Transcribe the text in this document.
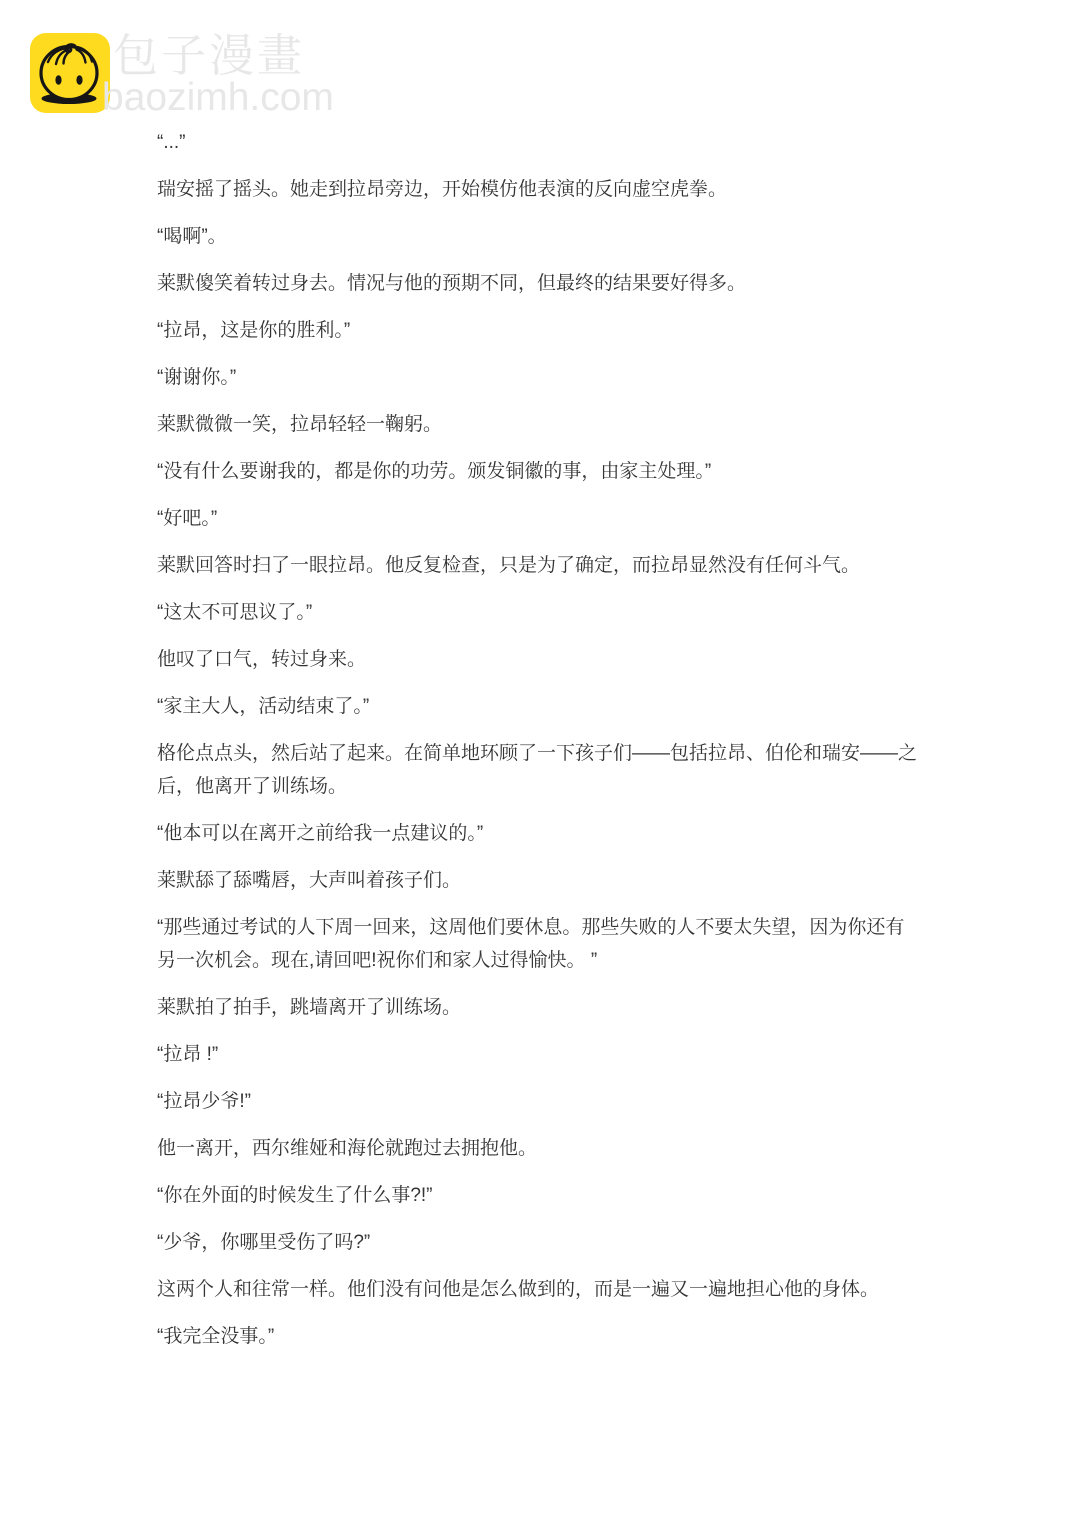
包子漫畫
baozimh.com

“...”

瑞安摇了摇头。她走到拉昂旁边，开始模仿他表演的反向虚空虎拳。

“喝啊”。

莱默傻笑着转过身去。情况与他的预期不同，但最终的结果要好得多。

“拉昂，这是你的胜利。”

“谢谢你。”

莱默微微一笑，拉昂轻轻一鞠躬。

“没有什么要谢我的，都是你的功劳。颁发铜徽的事，由家主处理。”

“好吧。”

莱默回答时扫了一眼拉昂。他反复检查，只是为了确定，而拉昂显然没有任何斗气。

“这太不可思议了。”

他叹了口气，转过身来。

“家主大人，活动结束了。”

格伦点点头，然后站了起来。在简单地环顾了一下孩子们——包括拉昂、伯伦和瑞安——之后，他离开了训练场。

“他本可以在离开之前给我一点建议的。”

莱默舔了舔嘴唇，大声叫着孩子们。

“那些通过考试的人下周一回来，这周他们要休息。那些失败的人不要太失望，因为你还有另一次机会。现在,请回吧!祝你们和家人过得愉快。 ”

莱默拍了拍手，跳墙离开了训练场。

“拉昂 !”

“拉昂少爷!”

他一离开，西尔维娅和海伦就跑过去拥抱他。

“你在外面的时候发生了什么事?!”

“少爷，你哪里受伤了吗?”

这两个人和往常一样。他们没有问他是怎么做到的，而是一遍又一遍地担心他的身体。

“我完全没事。”
